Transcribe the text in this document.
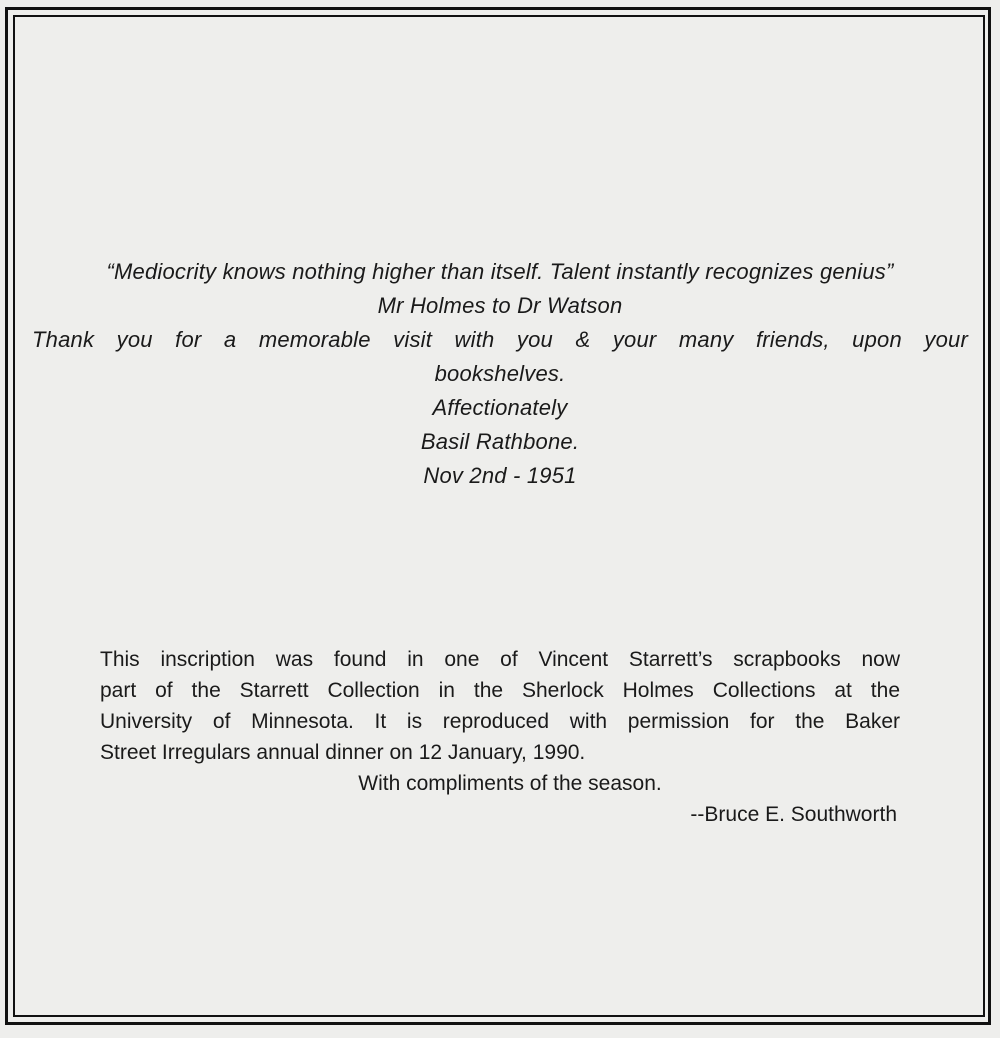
“Mediocrity knows nothing higher than itself. Talent instantly recognizes genius”
Mr Holmes to Dr Watson
Thank you for a memorable visit with you & your many friends, upon your
bookshelves.
Affectionately
Basil Rathbone.
Nov 2nd - 1951
This inscription was found in one of Vincent Starrett’s scrapbooks now
part of the Starrett Collection in the Sherlock Holmes Collections at the
University of Minnesota. It is reproduced with permission for the Baker
Street Irregulars annual dinner on 12 January, 1990.
With compliments of the season.
--Bruce E. Southworth
